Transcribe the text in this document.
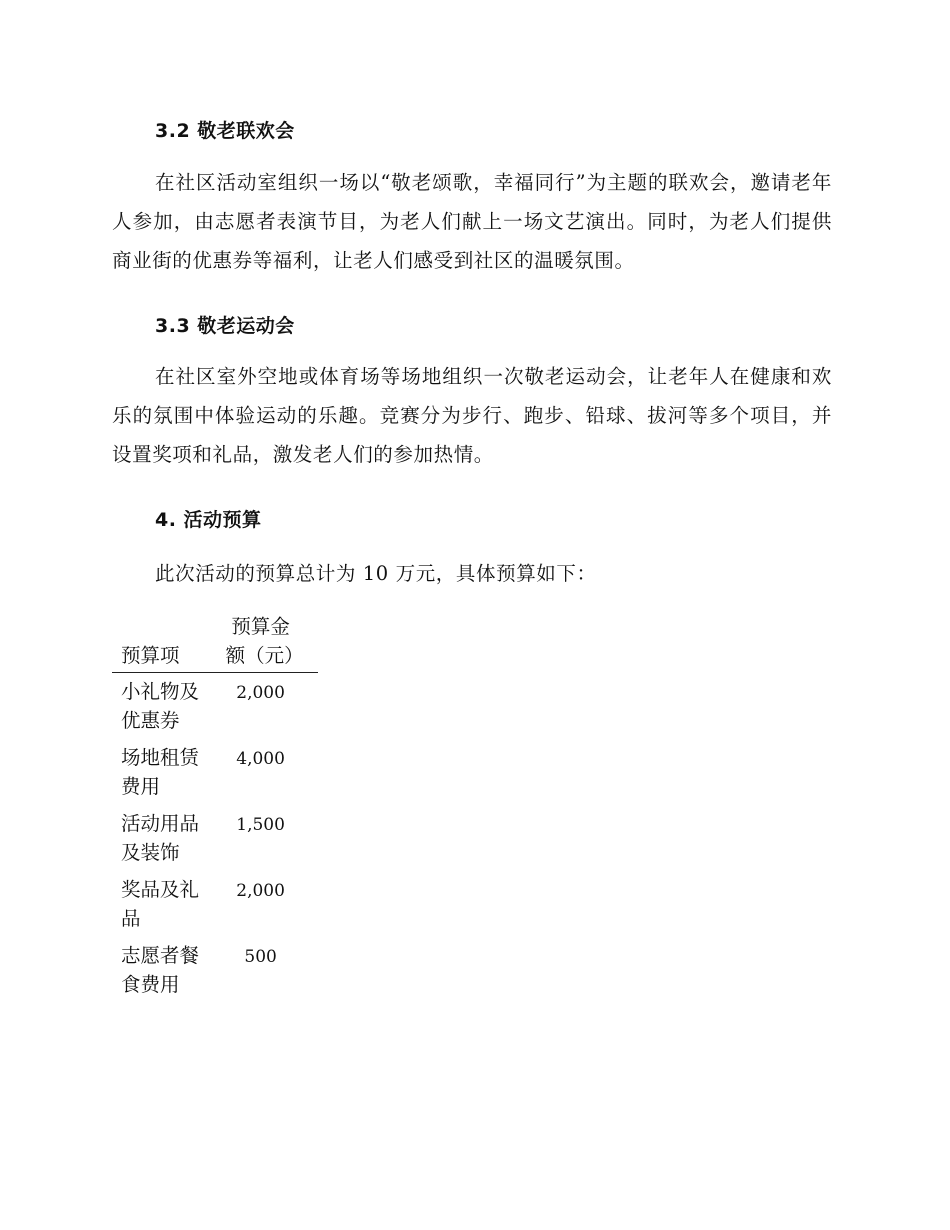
3.2 敬老联欢会

在社区活动室组织一场以“敬老颂歌，幸福同行”为主题的联欢会，邀请老年人参加，由志愿者表演节目，为老人们献上一场文艺演出。同时，为老人们提供商业街的优惠券等福利，让老人们感受到社区的温暖氛围。

3.3 敬老运动会

在社区室外空地或体育场等场地组织一次敬老运动会，让老年人在健康和欢乐的氛围中体验运动的乐趣。竞赛分为步行、跑步、铅球、拔河等多个项目，并设置奖项和礼品，激发老人们的参加热情。

4. 活动预算
此次活动的预算总计为 10 万元，具体预算如下：
预算项	预算金额（元）
小礼物及优惠券	2,000
场地租赁费用	4,000
活动用品及装饰	1,500
奖品及礼品	2,000
志愿者餐食费用	500
